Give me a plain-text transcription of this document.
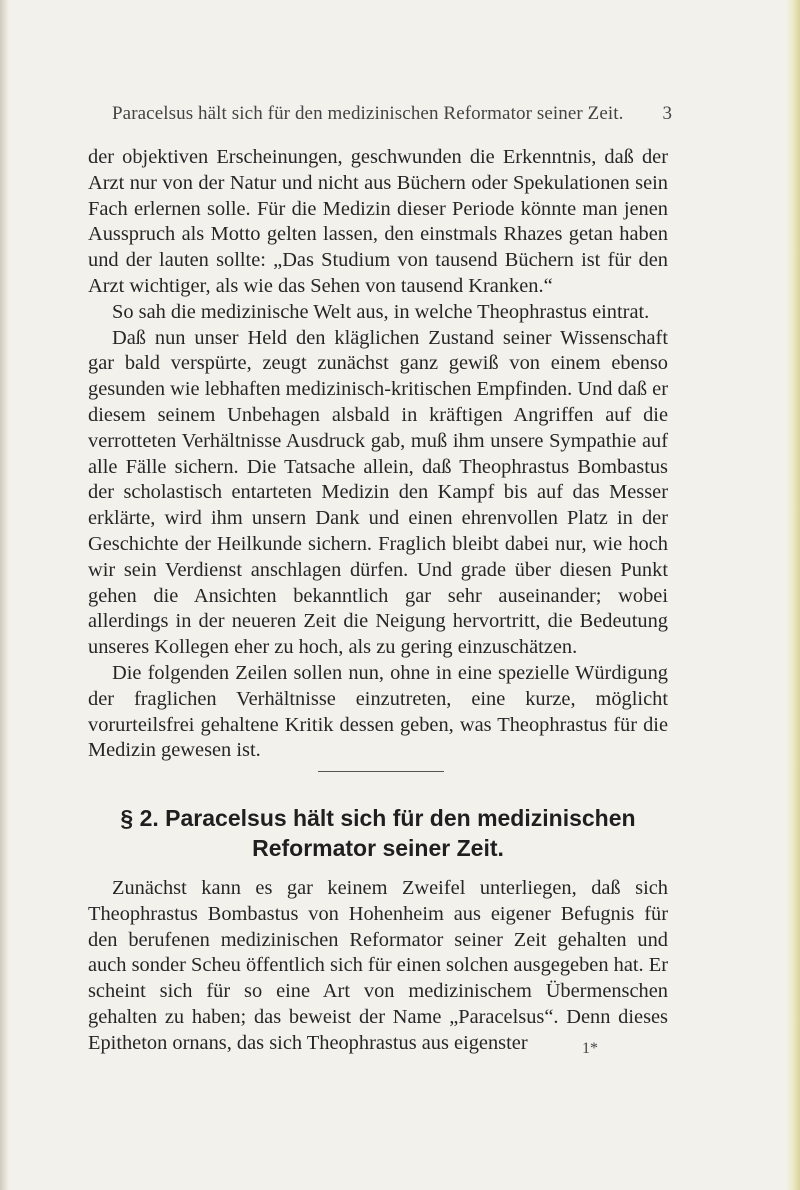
Paracelsus hält sich für den medizinischen Reformator seiner Zeit. 3

der objektiven Erscheinungen, geschwunden die Erkenntnis, daß der Arzt nur von der Natur und nicht aus Büchern oder Spekulationen sein Fach erlernen solle. Für die Medizin dieser Periode könnte man jenen Ausspruch als Motto gelten lassen, den einstmals Rhazes getan haben und der lauten sollte: „Das Studium von tausend Büchern ist für den Arzt wichtiger, als wie das Sehen von tausend Kranken.“

So sah die medizinische Welt aus, in welche Theophrastus eintrat.

Daß nun unser Held den kläglichen Zustand seiner Wissenschaft gar bald verspürte, zeugt zunächst ganz gewiß von einem ebenso gesunden wie lebhaften medizinisch-kritischen Empfinden. Und daß er diesem seinem Unbehagen alsbald in kräftigen Angriffen auf die verrotteten Verhältnisse Ausdruck gab, muß ihm unsere Sympathie auf alle Fälle sichern. Die Tatsache allein, daß Theophrastus Bombastus der scholastisch entarteten Medizin den Kampf bis auf das Messer erklärte, wird ihm unsern Dank und einen ehrenvollen Platz in der Geschichte der Heilkunde sichern. Fraglich bleibt dabei nur, wie hoch wir sein Verdienst anschlagen dürfen. Und grade über diesen Punkt gehen die Ansichten bekanntlich gar sehr auseinander; wobei allerdings in der neueren Zeit die Neigung hervortritt, die Bedeutung unseres Kollegen eher zu hoch, als zu gering einzuschätzen.

Die folgenden Zeilen sollen nun, ohne in eine spezielle Würdigung der fraglichen Verhältnisse einzutreten, eine kurze, möglicht vorurteilsfrei gehaltene Kritik dessen geben, was Theophrastus für die Medizin gewesen ist.

§ 2. Paracelsus hält sich für den medizinischen
Reformator seiner Zeit.

Zunächst kann es gar keinem Zweifel unterliegen, daß sich Theophrastus Bombastus von Hohenheim aus eigener Befugnis für den berufenen medizinischen Reformator seiner Zeit gehalten und auch sonder Scheu öffentlich sich für einen solchen ausgegeben hat. Er scheint sich für so eine Art von medizinischem Übermenschen gehalten zu haben; das beweist der Name „Paracelsus“. Denn dieses Epitheton ornans, das sich Theophrastus aus eigenster	1*
